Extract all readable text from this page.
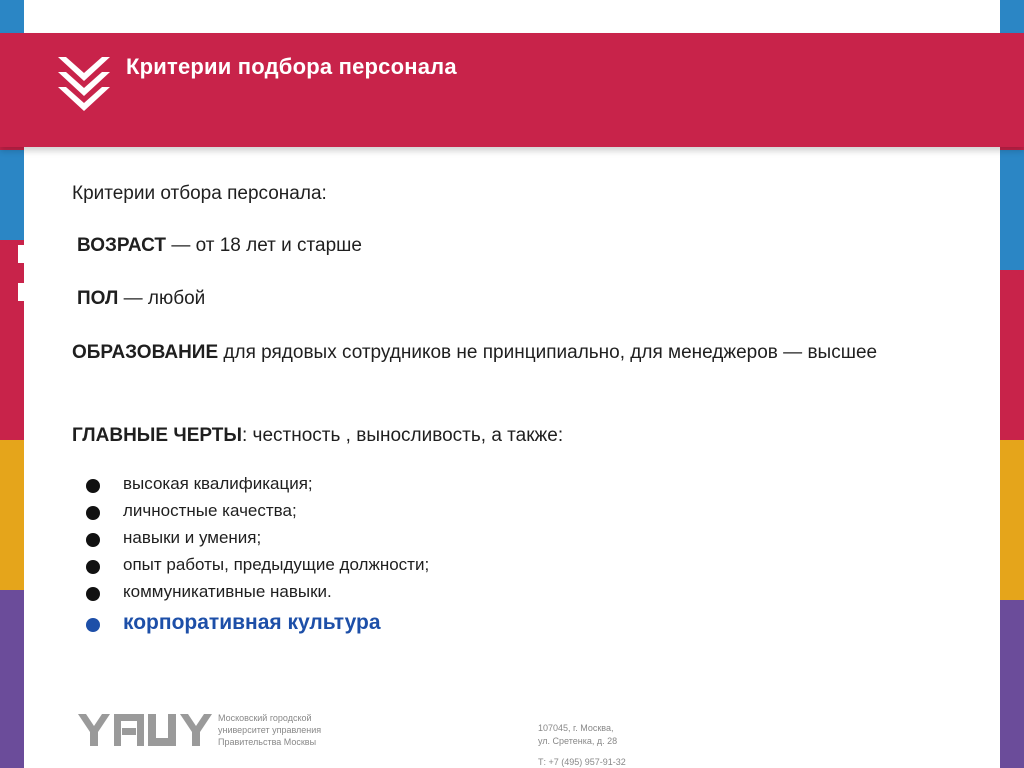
Критерии подбора персонала
Критерии отбора персонала:
ВОЗРАСТ — от 18 лет и старше
ПОЛ — любой
ОБРАЗОВАНИЕ для рядовых сотрудников не принципиально, для менеджеров — высшее
ГЛАВНЫЕ ЧЕРТЫ: честность , выносливость, а также:
высокая квалификация;
личностные качества;
навыки и умения;
опыт работы, предыдущие должности;
коммуникативные навыки.
корпоративная культура
Московский городской
университет управления
Правительства Москвы
107045, г. Москва,
ул. Сретенка, д. 28
Т: +7 (495) 957-91-32
